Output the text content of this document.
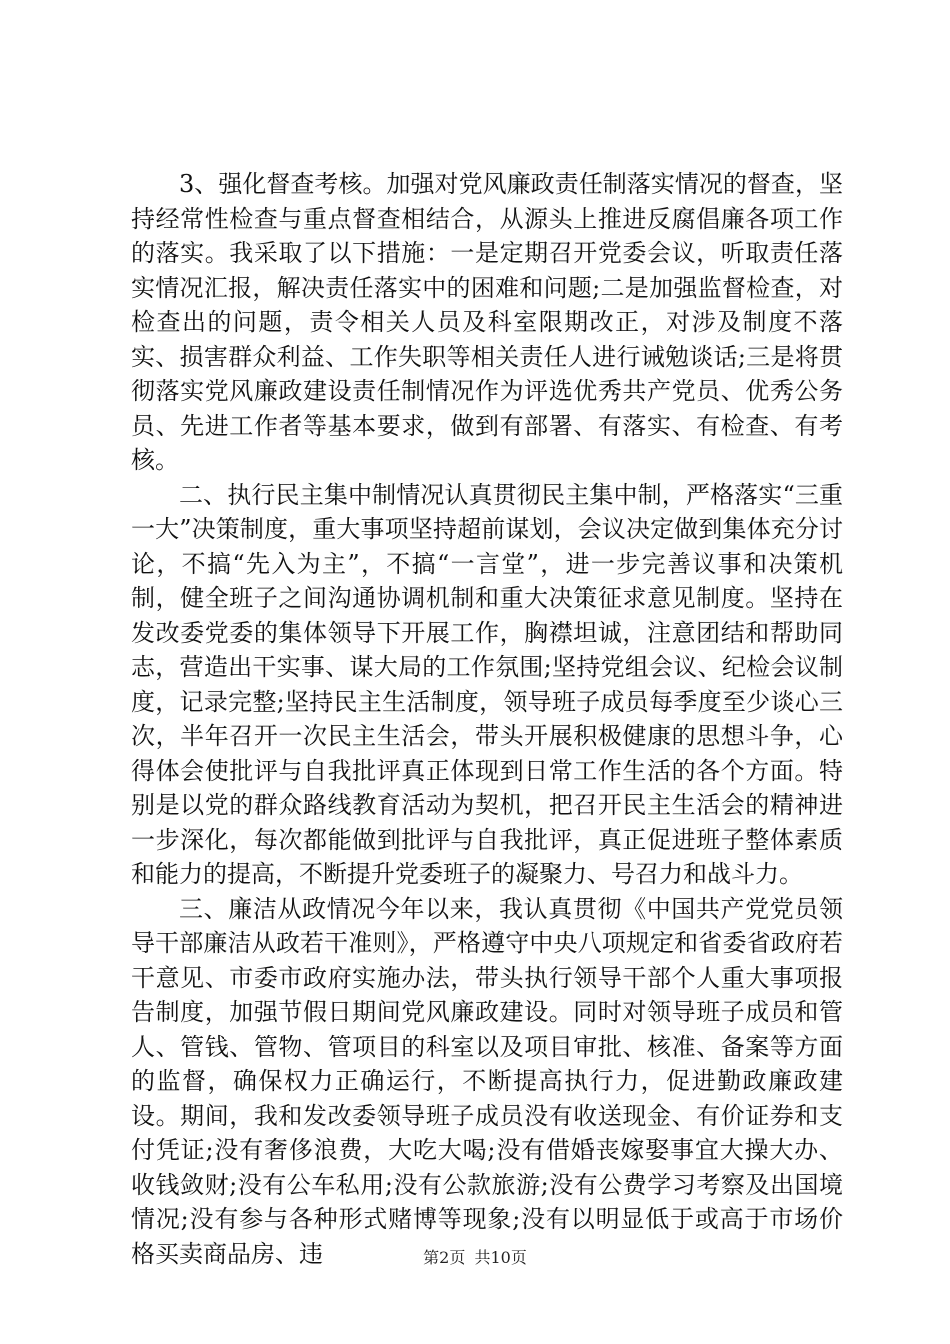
3、强化督查考核。加强对党风廉政责任制落实情况的督查，坚持经常性检查与重点督查相结合，从源头上推进反腐倡廉各项工作的落实。我采取了以下措施：一是定期召开党委会议，听取责任落实情况汇报，解决责任落实中的困难和问题;二是加强监督检查，对检查出的问题，责令相关人员及科室限期改正，对涉及制度不落实、损害群众利益、工作失职等相关责任人进行诫勉谈话;三是将贯彻落实党风廉政建设责任制情况作为评选优秀共产党员、优秀公务员、先进工作者等基本要求，做到有部署、有落实、有检查、有考核。

二、执行民主集中制情况认真贯彻民主集中制，严格落实“三重一大”决策制度，重大事项坚持超前谋划，会议决定做到集体充分讨论，不搞“先入为主”，不搞“一言堂”，进一步完善议事和决策机制，健全班子之间沟通协调机制和重大决策征求意见制度。坚持在发改委党委的集体领导下开展工作，胸襟坦诚，注意团结和帮助同志，营造出干实事、谋大局的工作氛围;坚持党组会议、纪检会议制度，记录完整;坚持民主生活制度，领导班子成员每季度至少谈心三次，半年召开一次民主生活会，带头开展积极健康的思想斗争，心得体会使批评与自我批评真正体现到日常工作生活的各个方面。特别是以党的群众路线教育活动为契机，把召开民主生活会的精神进一步深化，每次都能做到批评与自我批评，真正促进班子整体素质和能力的提高，不断提升党委班子的凝聚力、号召力和战斗力。

三、廉洁从政情况今年以来，我认真贯彻《中国共产党党员领导干部廉洁从政若干准则》，严格遵守中央八项规定和省委省政府若干意见、市委市政府实施办法，带头执行领导干部个人重大事项报告制度，加强节假日期间党风廉政建设。同时对领导班子成员和管人、管钱、管物、管项目的科室以及项目审批、核准、备案等方面的监督，确保权力正确运行，不断提高执行力，促进勤政廉政建设。期间，我和发改委领导班子成员没有收送现金、有价证券和支付凭证;没有奢侈浪费，大吃大喝;没有借婚丧嫁娶事宜大操大办、收钱敛财;没有公车私用;没有公款旅游;没有公费学习考察及出国境情况;没有参与各种形式赌博等现象;没有以明显低于或高于市场价格买卖商品房、违	第2页 共10页
